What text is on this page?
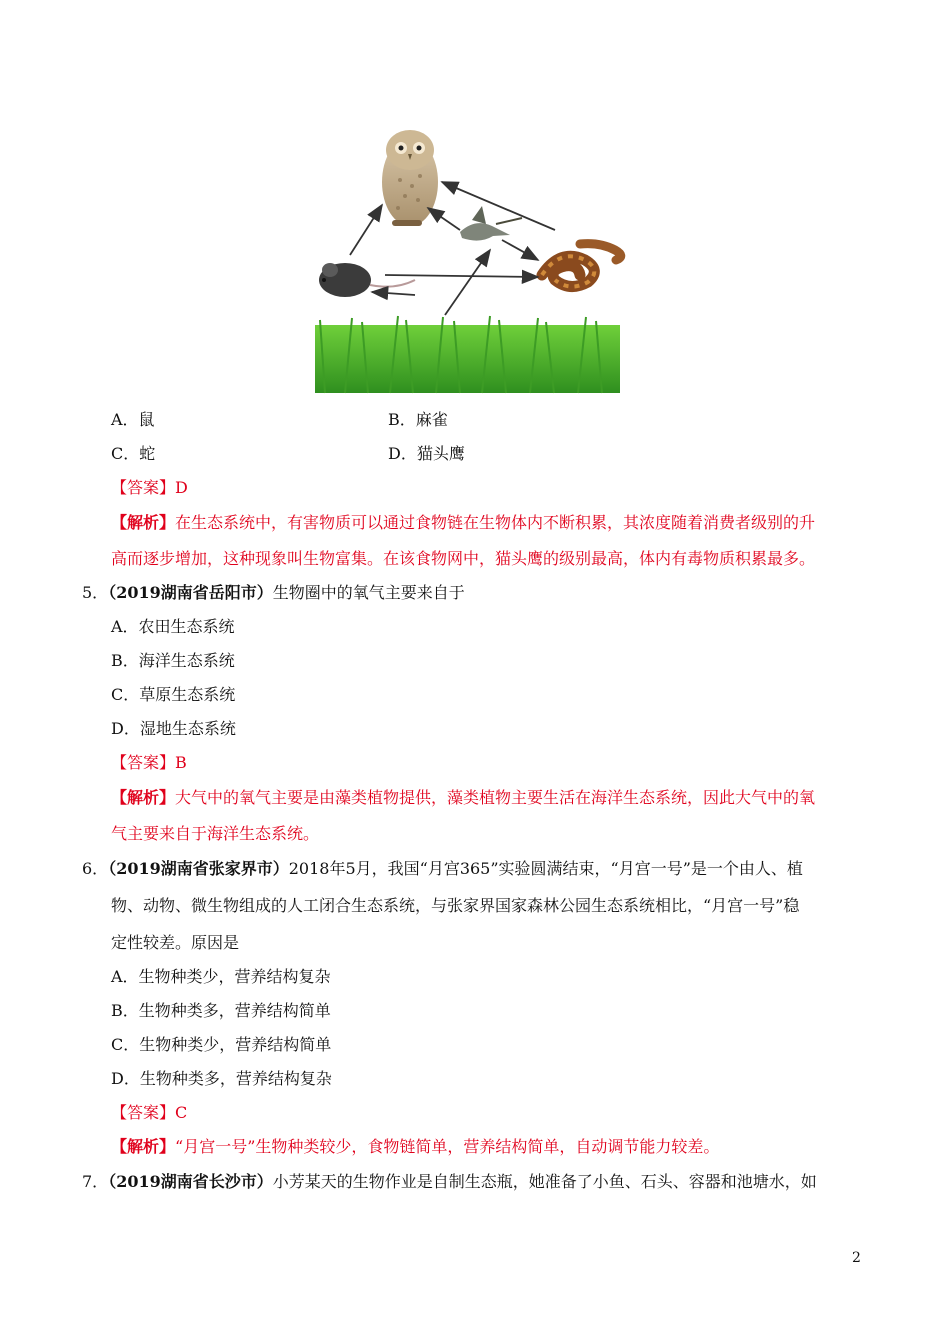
A．鼠	B．麻雀
C．蛇	D．猫头鹰
【答案】D
【解析】在生态系统中，有害物质可以通过食物链在生物体内不断积累，其浓度随着消费者级别的升
高而逐步增加，这种现象叫生物富集。在该食物网中，猫头鹰的级别最高，体内有毒物质积累最多。
5．（2019湖南省岳阳市）生物圈中的氧气主要来自于
A．农田生态系统
B．海洋生态系统
C．草原生态系统
D．湿地生态系统
【答案】B
【解析】大气中的氧气主要是由藻类植物提供，藻类植物主要生活在海洋生态系统，因此大气中的氧
气主要来自于海洋生态系统。
6．（2019湖南省张家界市）2018年5月，我国“月宫365”实验圆满结束，“月宫一号”是一个由人、植
物、动物、微生物组成的人工闭合生态系统，与张家界国家森林公园生态系统相比，“月宫一号”稳
定性较差。原因是
A．生物种类少，营养结构复杂
B．生物种类多，营养结构简单
C．生物种类少，营养结构简单
D．生物种类多，营养结构复杂
【答案】C
【解析】“月宫一号”生物种类较少，食物链简单，营养结构简单，自动调节能力较差。
7．（2019湖南省长沙市）小芳某天的生物作业是自制生态瓶，她准备了小鱼、石头、容器和池塘水，如
2
